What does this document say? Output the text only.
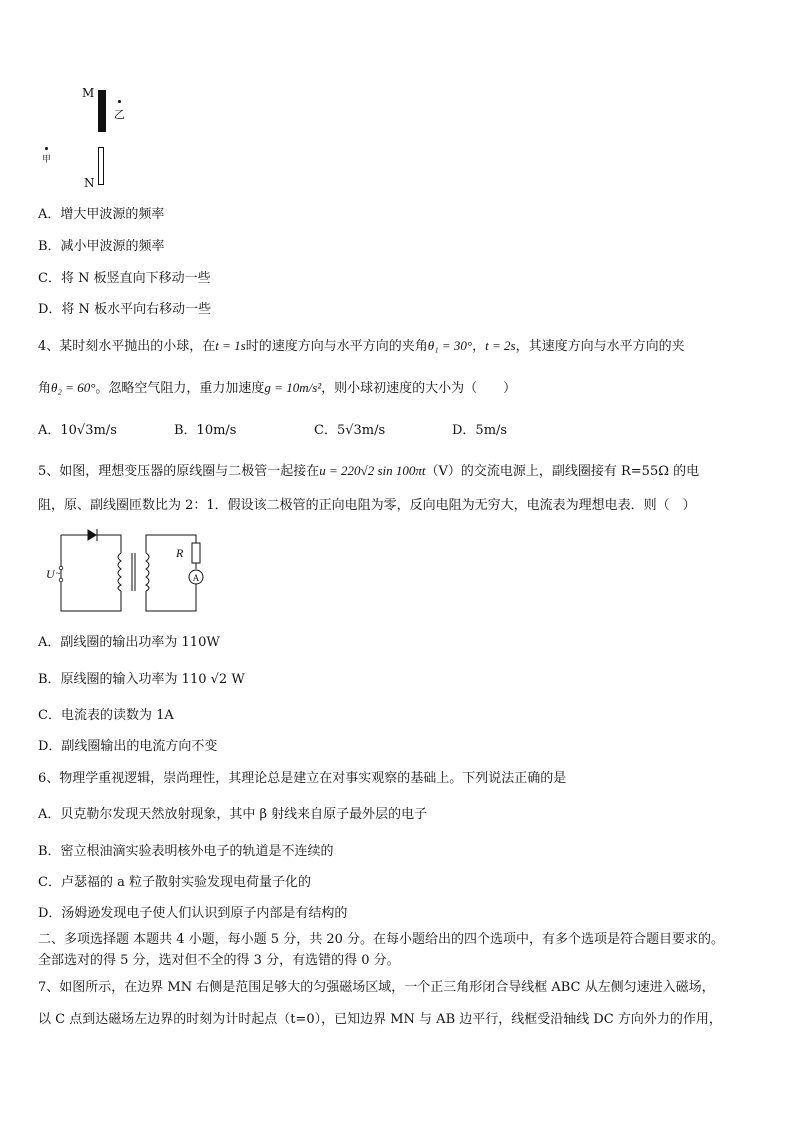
M
乙
甲
N
A．增大甲波源的频率
B．减小甲波源的频率
C．将 N 板竖直向下移动一些
D．将 N 板水平向右移动一些
4、某时刻水平抛出的小球，在t = 1s时的速度方向与水平方向的夹角θ₁ = 30°，t = 2s，其速度方向与水平方向的夹
角θ₂ = 60°。忽略空气阻力，重力加速度g = 10m/s²，则小球初速度的大小为（　　）
A．10√3m/s	B．10m/s	C．5√3m/s	D．5m/s
5、如图，理想变压器的原线圈与二极管一起接在u = 220√2 sin 100πt（V）的交流电源上，副线圈接有 R=55Ω 的电
阻，原、副线圈匝数比为 2：1．假设该二极管的正向电阻为零，反向电阻为无穷大，电流表为理想电表．则（　）
~
U
R
A
A．副线圈的输出功率为 110W
B．原线圈的输入功率为 110 √2 W
C．电流表的读数为 1A
D．副线圈输出的电流方向不变
6、物理学重视逻辑，崇尚理性，其理论总是建立在对事实观察的基础上。下列说法正确的是
A．贝克勒尔发现天然放射现象，其中 β 射线来自原子最外层的电子
B．密立根油滴实验表明核外电子的轨道是不连续的
C．卢瑟福的 a 粒子散射实验发现电荷量子化的
D．汤姆逊发现电子使人们认识到原子内部是有结构的
二、多项选择题 本题共 4 小题，每小题 5 分，共 20 分。在每小题给出的四个选项中，有多个选项是符合题目要求的。
全部选对的得 5 分，选对但不全的得 3 分，有选错的得 0 分。
7、如图所示，在边界 MN 右侧是范围足够大的匀强磁场区域，一个正三角形闭合导线框 ABC 从左侧匀速进入磁场，
以 C 点到达磁场左边界的时刻为计时起点（t=0），已知边界 MN 与 AB 边平行，线框受沿轴线 DC 方向外力的作用，
